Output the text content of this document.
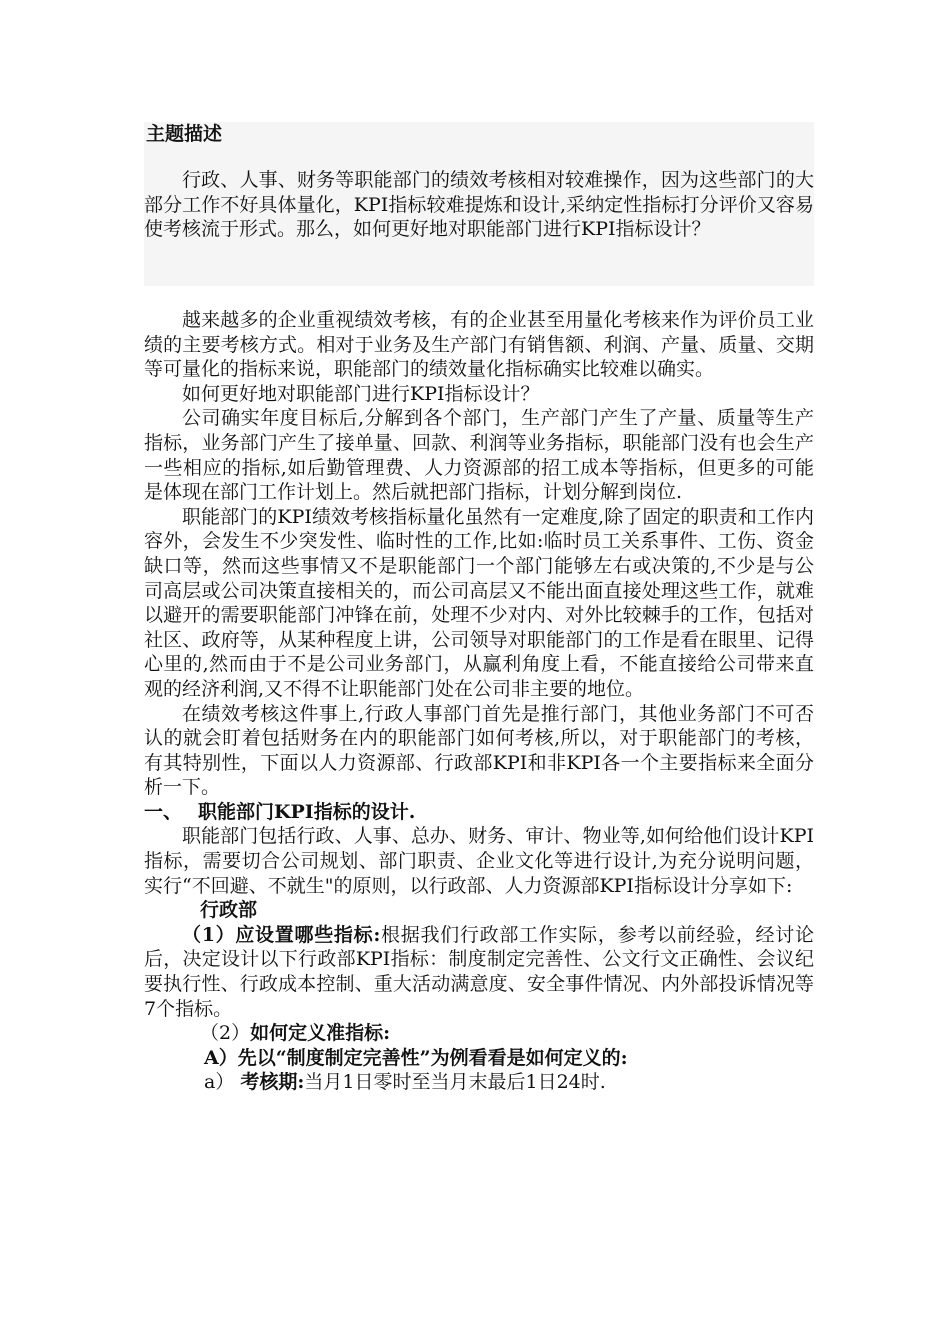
主题描述

行政、人事、财务等职能部门的绩效考核相对较难操作，因为这些部门的大部分工作不好具体量化，KPI指标较难提炼和设计,采纳定性指标打分评价又容易使考核流于形式。那么，如何更好地对职能部门进行KPI指标设计？

越来越多的企业重视绩效考核，有的企业甚至用量化考核来作为评价员工业绩的主要考核方式。相对于业务及生产部门有销售额、利润、产量、质量、交期等可量化的指标来说，职能部门的绩效量化指标确实比较难以确实。

如何更好地对职能部门进行KPI指标设计？

公司确实年度目标后,分解到各个部门，生产部门产生了产量、质量等生产指标，业务部门产生了接单量、回款、利润等业务指标，职能部门没有也会生产一些相应的指标,如后勤管理费、人力资源部的招工成本等指标，但更多的可能是体现在部门工作计划上。然后就把部门指标，计划分解到岗位.

职能部门的KPI绩效考核指标量化虽然有一定难度,除了固定的职责和工作内容外，会发生不少突发性、临时性的工作,比如:临时员工关系事件、工伤、资金缺口等，然而这些事情又不是职能部门一个部门能够左右或决策的,不少是与公司高层或公司决策直接相关的，而公司高层又不能出面直接处理这些工作，就难以避开的需要职能部门冲锋在前，处理不少对内、对外比较棘手的工作，包括对社区、政府等，从某种程度上讲，公司领导对职能部门的工作是看在眼里、记得心里的,然而由于不是公司业务部门，从赢利角度上看，不能直接给公司带来直观的经济利润,又不得不让职能部门处在公司非主要的地位。

在绩效考核这件事上,行政人事部门首先是推行部门，其他业务部门不可否认的就会盯着包括财务在内的职能部门如何考核,所以，对于职能部门的考核，有其特别性，下面以人力资源部、行政部KPI和非KPI各一个主要指标来全面分析一下。

一、 职能部门KPI指标的设计.

职能部门包括行政、人事、总办、财务、审计、物业等,如何给他们设计KPI指标，需要切合公司规划、部门职责、企业文化等进行设计,为充分说明问题，实行“不回避、不就生"的原则，以行政部、人力资源部KPI指标设计分享如下:

行政部

（1）应设置哪些指标:根据我们行政部工作实际，参考以前经验，经讨论后，决定设计以下行政部KPI指标：制度制定完善性、公文行文正确性、会议纪要执行性、行政成本控制、重大活动满意度、安全事件情况、内外部投诉情况等7个指标。

（2）如何定义准指标:

A）先以“制度制定完善性”为例看看是如何定义的:

a） 考核期:当月1日零时至当月末最后1日24时.
